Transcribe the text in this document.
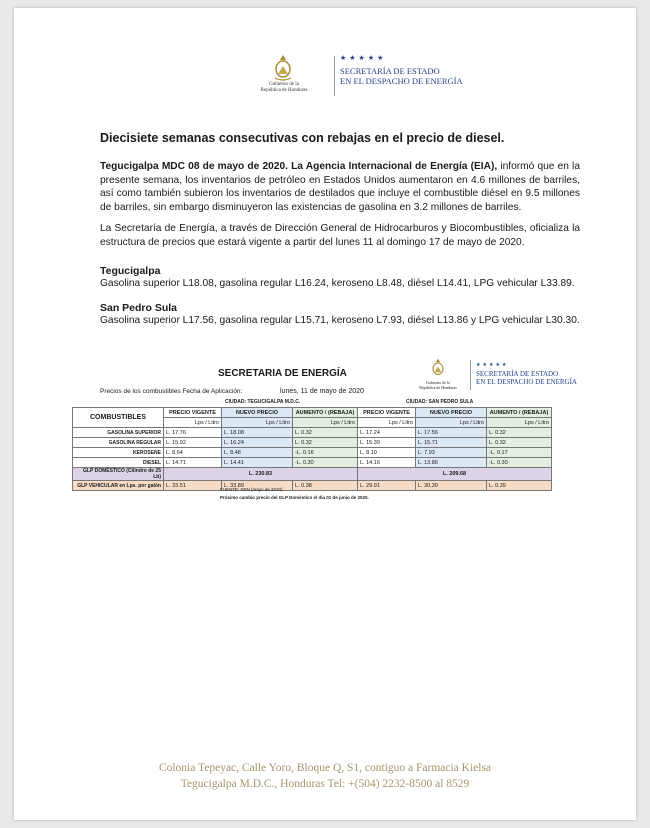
Gobierno de la
República de Honduras
★★★★★
SECRETARÍA DE ESTADO
EN EL DESPACHO DE ENERGÍA
Diecisiete semanas consecutivas con rebajas en el precio de diesel.
Tegucigalpa MDC 08 de mayo de 2020. La Agencia Internacional de Energía (EIA), informó que en la presente semana, los inventarios de petróleo en Estados Unidos aumentaron en 4.6 millones de barriles, así como también subieron los inventarios de destilados que incluye el combustible diésel en 9.5 millones de barriles, sin embargo disminuyeron las existencias de gasolina en 3.2 millones de barriles.
La Secretaría de Energía, a través de Dirección General de Hidrocarburos y Biocombustibles, oficializa la estructura de precios que estará vigente a partir del lunes 11 al domingo 17 de mayo de 2020.
Tegucigalpa
Gasolina superior L18.08, gasolina regular L16.24, keroseno L8.48, diésel L14.41, LPG vehicular L33.89.
San Pedro Sula
Gasolina superior L17.56, gasolina regular L15.71, keroseno L7.93, diésel L13.86 y LPG vehicular L30.30.
SECRETARIA DE ENERGÍA
Gobierno de la
República de Honduras
★★★★★
SECRETARÍA DE ESTADO
EN EL DESPACHO DE ENERGÍA
Precios de los combustibles Fecha de Aplicación:	lunes, 11 de mayo de 2020
CIUDAD: TEGUCIGALPA M.D.C.	CIUDAD: SAN PEDRO SULA
COMBUSTIBLES	PRECIO VIGENTE	NUEVO PRECIO	AUMENTO / (REBAJA)	PRECIO VIGENTE	NUEVO PRECIO	AUMENTO / (REBAJA)
	Lps / Litro	Lps / Litro	Lps / Litro	Lps / Litro	Lps / Litro	Lps / Litro
GASOLINA SUPERIOR	L. 17.76	L. 18.08	L. 0.32	L. 17.24	L. 17.56	L. 0.32
GASOLINA REGULAR	L. 15.92	L. 16.24	L. 0.32	L. 15.39	L. 15.71	L. 0.32
KEROSENE	L. 8.64	L. 8.48	-L. 0.16	L. 8.10	L. 7.93	-L. 0.17
DIESEL	L. 14.71	L. 14.41	-L. 0.30	L. 14.16	L. 13.86	-L. 0.30
GLP DOMÉSTICO (Cilindro de 25 Lb)	L. 230.83			L. 209.68		
GLP VEHICULAR en Lps. por galón	L. 33.51	L. 33.89	L. 0.38	L. 29.91	L. 30.30	L. 0.39
FUENTE: SEN (mayo de 2020)
Próximo cambio precio del GLP Doméstico el día 01 de junio de 2020.
Colonia Tepeyac, Calle Yoro, Bloque Q, S1, contiguo a Farmacia Kielsa
Tegucigalpa M.D.C., Honduras Tel: +(504) 2232-8500 al 8529
